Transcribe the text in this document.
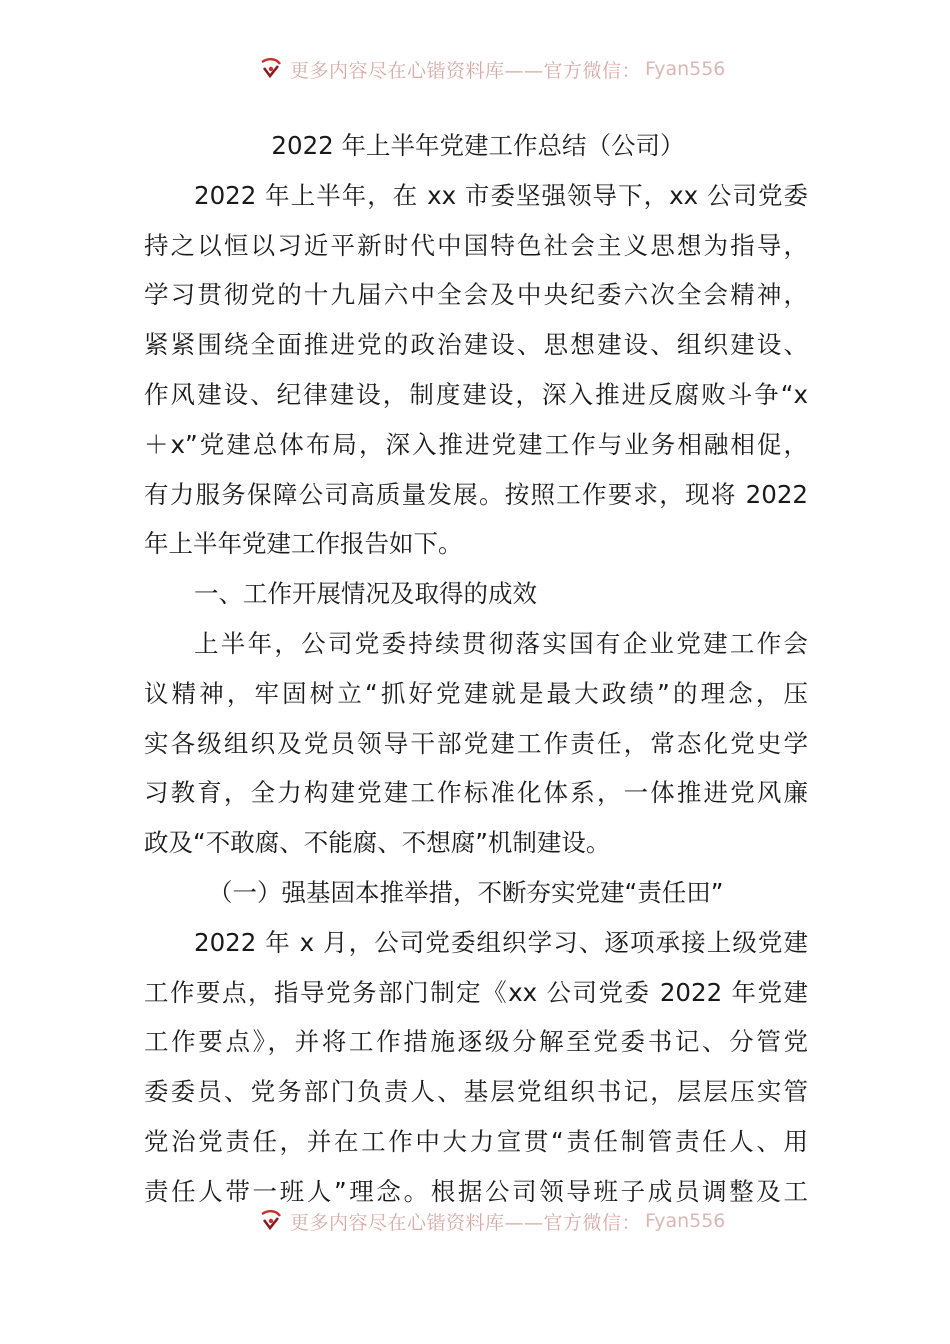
更多内容尽在心锴资料库——官方微信： Fyan556
2022 年上半年党建工作总结（公司）
2022 年上半年，在 xx 市委坚强领导下，xx 公司党委
持之以恒以习近平新时代中国特色社会主义思想为指导，
学习贯彻党的十九届六中全会及中央纪委六次全会精神，
紧紧围绕全面推进党的政治建设、思想建设、组织建设、
作风建设、纪律建设，制度建设，深入推进反腐败斗争“x
＋x”党建总体布局，深入推进党建工作与业务相融相促，
有力服务保障公司高质量发展。按照工作要求，现将 2022
年上半年党建工作报告如下。
一、工作开展情况及取得的成效
上半年，公司党委持续贯彻落实国有企业党建工作会
议精神，牢固树立“抓好党建就是最大政绩”的理念，压
实各级组织及党员领导干部党建工作责任，常态化党史学
习教育，全力构建党建工作标准化体系，一体推进党风廉
政及“不敢腐、不能腐、不想腐”机制建设。
（一）强基固本推举措，不断夯实党建“责任田”
2022 年 x 月，公司党委组织学习、逐项承接上级党建
工作要点，指导党务部门制定《xx 公司党委 2022 年党建
工作要点》，并将工作措施逐级分解至党委书记、分管党
委委员、党务部门负责人、基层党组织书记，层层压实管
党治党责任，并在工作中大力宣贯“责任制管责任人、用
责任人带一班人”理念。根据公司领导班子成员调整及工
更多内容尽在心锴资料库——官方微信： Fyan556
